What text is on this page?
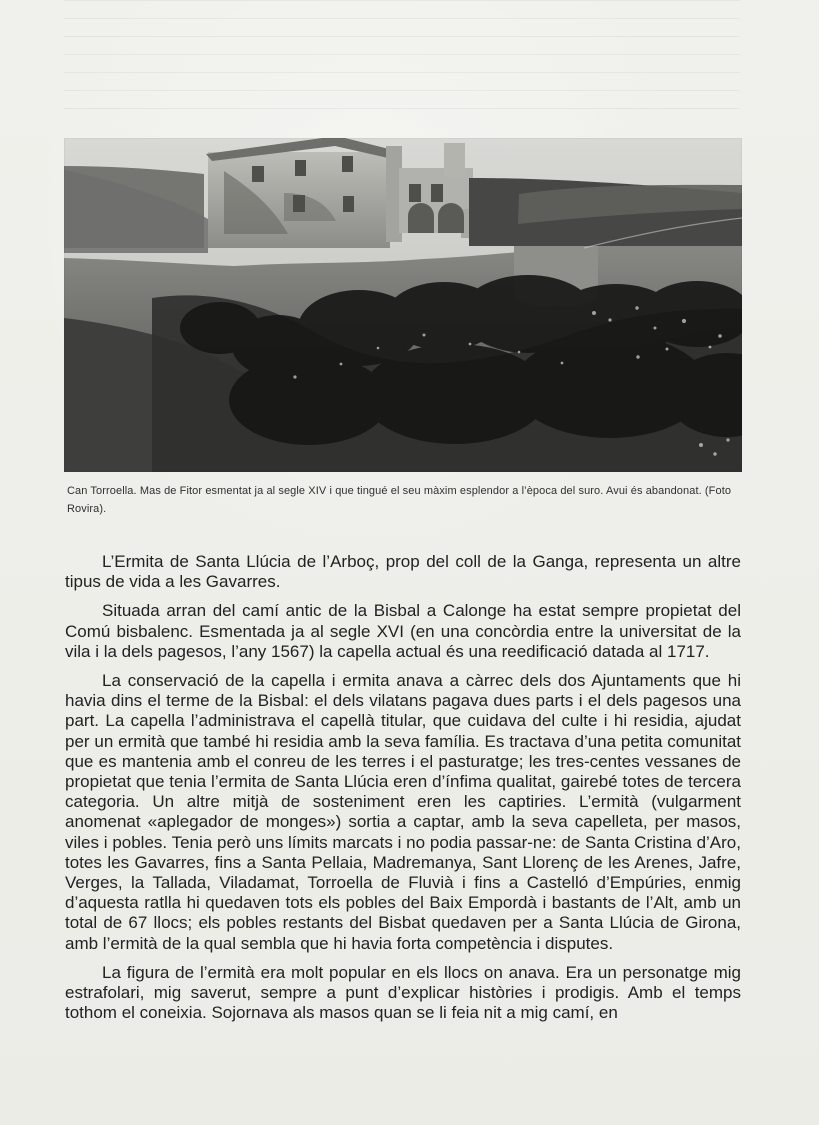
Can Torroella. Mas de Fitor esmentat ja al segle XIV i que tingué el seu màxim esplendor a l’època del suro. Avui és abandonat. (Foto Rovira).

L’Ermita de Santa Llúcia de l’Arboç, prop del coll de la Ganga, representa un altre tipus de vida a les Gavarres.

Situada arran del camí antic de la Bisbal a Calonge ha estat sempre propietat del Comú bisbalenc. Esmentada ja al segle XVI (en una concòrdia entre la universitat de la vila i la dels pagesos, l’any 1567) la capella actual és una reedificació datada al 1717.

La conservació de la capella i ermita anava a càrrec dels dos Ajuntaments que hi havia dins el terme de la Bisbal: el dels vilatans pagava dues parts i el dels pagesos una part. La capella l’administrava el capellà titular, que cuidava del culte i hi residia, ajudat per un ermità que també hi residia amb la seva família. Es tractava d’una petita comunitat que es mantenia amb el conreu de les terres i el pasturatge; les tres-centes vessanes de propietat que tenia l’ermita de Santa Llúcia eren d’ínfima qualitat, gairebé totes de tercera categoria. Un altre mitjà de sosteniment eren les captiries. L’ermità (vulgarment anomenat «aplegador de monges») sortia a captar, amb la seva capelleta, per masos, viles i pobles. Tenia però uns límits marcats i no podia passar-ne: de Santa Cristina d’Aro, totes les Gavarres, fins a Santa Pellaia, Madremanya, Sant Llorenç de les Arenes, Jafre, Verges, la Tallada, Viladamat, Torroella de Fluvià i fins a Castelló d’Empúries, enmig d’aquesta ratlla hi quedaven tots els pobles del Baix Empordà i bastants de l’Alt, amb un total de 67 llocs; els pobles restants del Bisbat quedaven per a Santa Llúcia de Girona, amb l’ermità de la qual sembla que hi havia forta competència i disputes.

La figura de l’ermità era molt popular en els llocs on anava. Era un personatge mig estrafolari, mig saverut, sempre a punt d’explicar històries i prodigis. Amb el temps tothom el coneixia. Sojornava als masos quan se li feia nit a mig camí, en
